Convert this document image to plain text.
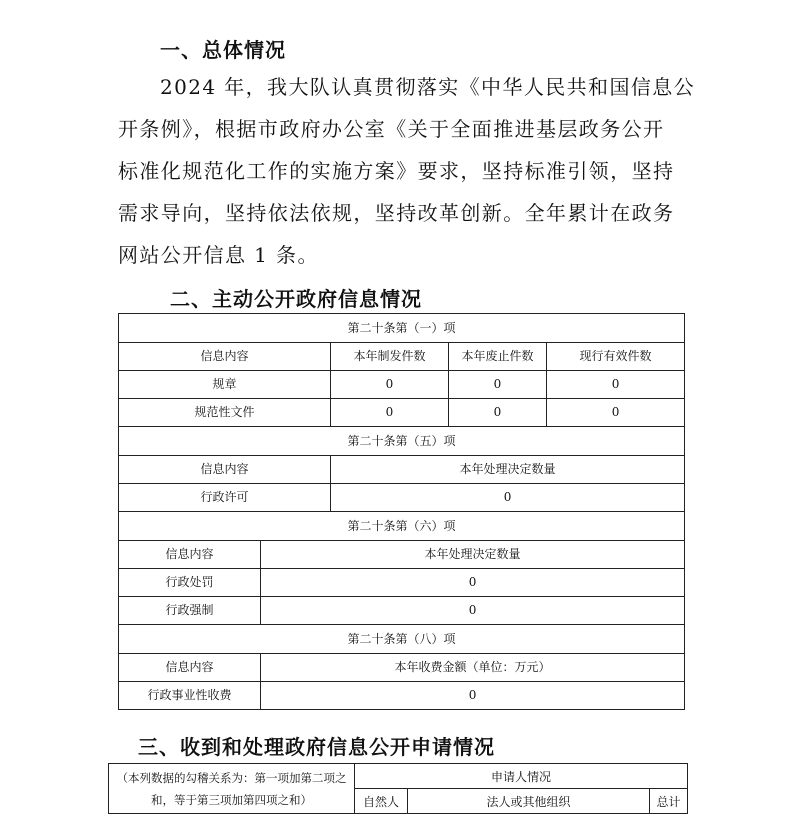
一、总体情况

2024 年，我大队认真贯彻落实《中华人民共和国信息公
开条例》，根据市政府办公室《关于全面推进基层政务公开
标准化规范化工作的实施方案》要求，坚持标准引领，坚持
需求导向，坚持依法依规，坚持改革创新。全年累计在政务
网站公开信息 1 条。

二、主动公开政府信息情况
第二十条第（一）项				
信息内容		本年制发件数	本年废止件数	现行有效件数
规章		0	0	0
规范性文件		0	0	0
第二十条第（五）项				
信息内容		本年处理决定数量		
行政许可		0		
第二十条第（六）项				
信息内容	本年处理决定数量			
行政处罚	0			
行政强制	0			
第二十条第（八）项				
信息内容	本年收费金额（单位：万元）			
行政事业性收费	0			
三、收到和处理政府信息公开申请情况
（本列数据的勾稽关系为：第一项加第二项之和，等于第三项加第四项之和）	申请人情况		
	自然人	法人或其他组织	总计
